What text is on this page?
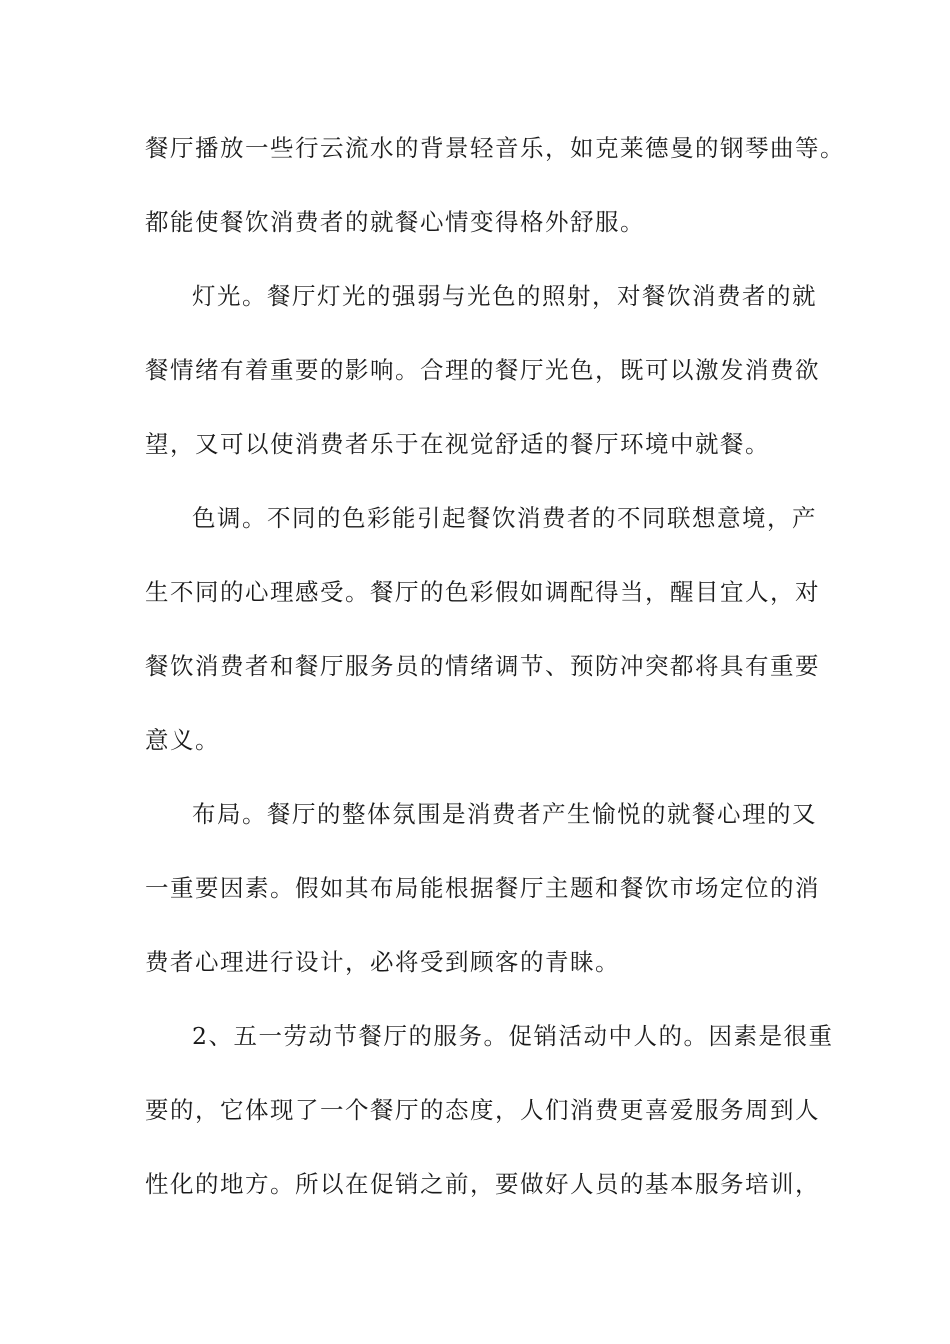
餐厅播放一些行云流水的背景轻音乐，如克莱德曼的钢琴曲等。
都能使餐饮消费者的就餐心情变得格外舒服。
灯光。餐厅灯光的强弱与光色的照射，对餐饮消费者的就
餐情绪有着重要的影响。合理的餐厅光色，既可以激发消费欲
望，又可以使消费者乐于在视觉舒适的餐厅环境中就餐。
色调。不同的色彩能引起餐饮消费者的不同联想意境，产
生不同的心理感受。餐厅的色彩假如调配得当，醒目宜人，对
餐饮消费者和餐厅服务员的情绪调节、预防冲突都将具有重要
意义。
布局。餐厅的整体氛围是消费者产生愉悦的就餐心理的又
一重要因素。假如其布局能根据餐厅主题和餐饮市场定位的消
费者心理进行设计，必将受到顾客的青睐。
2、五一劳动节餐厅的服务。促销活动中人的。因素是很重
要的，它体现了一个餐厅的态度，人们消费更喜爱服务周到人
性化的地方。所以在促销之前，要做好人员的基本服务培训，
